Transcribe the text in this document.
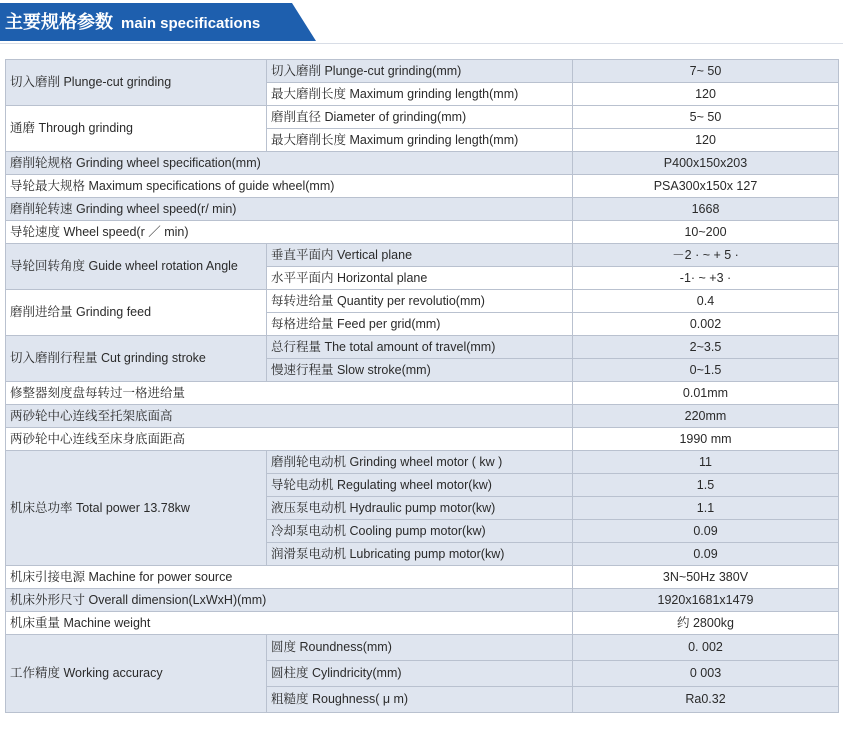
主要规格参数 main specifications
切入磨削 Plunge-cut grinding	切入磨削 Plunge-cut grinding(mm)	7~ 50
	最大磨削长度 Maximum grinding length(mm)	120
通磨 Through grinding	磨削直径 Diameter of grinding(mm)	5~ 50
	最大磨削长度 Maximum grinding length(mm)	120
磨削轮规格 Grinding wheel specification(mm)		P400x150x203
导轮最大规格 Maximum specifications of guide wheel(mm)		PSA300x150x 127
磨削轮转速 Grinding wheel speed(r/ min)		1668
导轮速度 Wheel speed(r ／ min)		10~200
导轮回转角度 Guide wheel rotation Angle	垂直平面内 Vertical plane	－2 · ~ + 5 ·
	水平平面内 Horizontal plane	-1· ~ +3 ·
磨削进给量 Grinding feed	每转进给量 Quantity per revolutio(mm)	0.4
	每格进给量 Feed per grid(mm)	0.002
切入磨削行程量 Cut grinding stroke	总行程量 The total amount of travel(mm)	2~3.5
	慢速行程量 Slow stroke(mm)	0~1.5
修整器刻度盘每转过一格进给量		0.01mm
两砂轮中心连线至托架底面高		220mm
两砂轮中心连线至床身底面距高		1990 mm
机床总功率 Total power 13.78kw	磨削轮电动机 Grinding wheel motor ( kw )	11
	导轮电动机 Regulating wheel motor(kw)	1.5
	液压泵电动机 Hydraulic pump motor(kw)	1.1
	冷却泵电动机 Cooling pump motor(kw)	0.09
	润滑泵电动机 Lubricating pump motor(kw)	0.09
机床引接电源 Machine for power source		3N~50Hz 380V
机床外形尺寸 Overall dimension(LxWxH)(mm)		1920x1681x1479
机床重量 Machine weight		约 2800kg
工作精度 Working accuracy	圆度 Roundness(mm)	0. 002
	圆柱度 Cylindricity(mm)	0 003
	粗糙度 Roughness( μ m)	Ra0.32
